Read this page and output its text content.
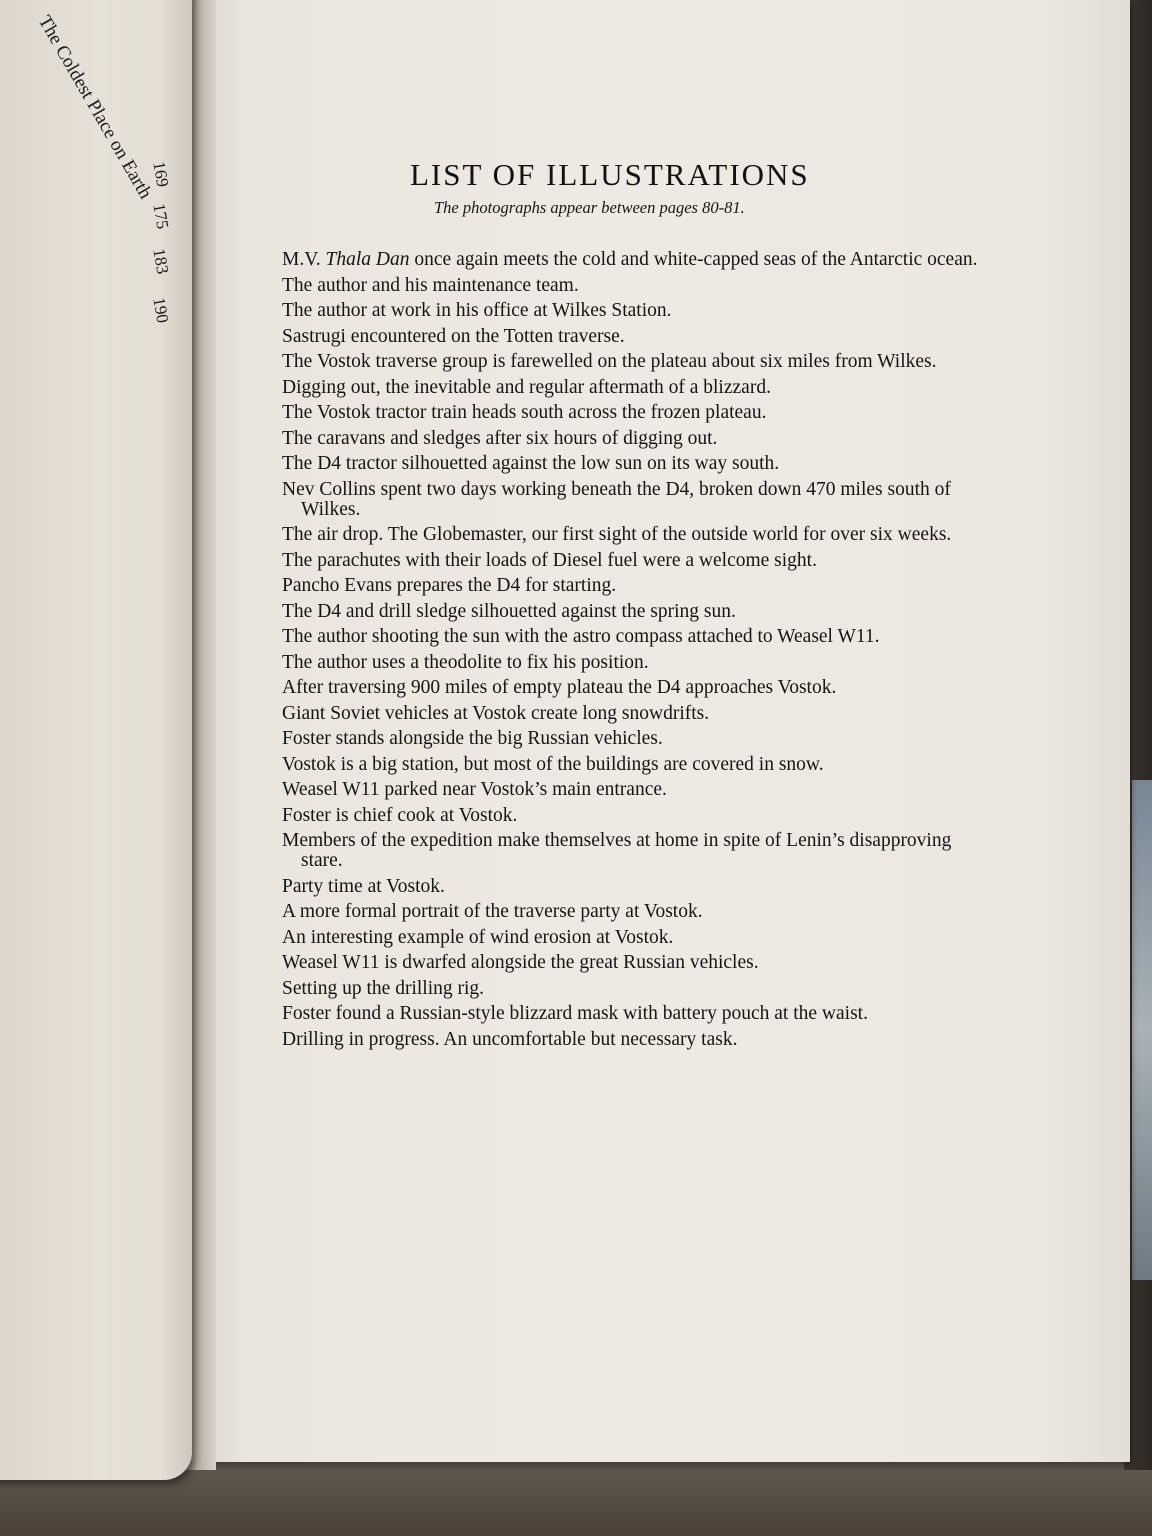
The Coldest Place on Earth
169
175
183
190
LIST OF ILLUSTRATIONS
The photographs appear between pages 80-81.
M.V. Thala Dan once again meets the cold and white-capped seas of the Antarctic ocean.
The author and his maintenance team.
The author at work in his office at Wilkes Station.
Sastrugi encountered on the Totten traverse.
The Vostok traverse group is farewelled on the plateau about six miles from Wilkes.
Digging out, the inevitable and regular aftermath of a blizzard.
The Vostok tractor train heads south across the frozen plateau.
The caravans and sledges after six hours of digging out.
The D4 tractor silhouetted against the low sun on its way south.
Nev Collins spent two days working beneath the D4, broken down 470 miles south of Wilkes.
The air drop. The Globemaster, our first sight of the outside world for over six weeks.
The parachutes with their loads of Diesel fuel were a welcome sight.
Pancho Evans prepares the D4 for starting.
The D4 and drill sledge silhouetted against the spring sun.
The author shooting the sun with the astro compass attached to Weasel W11.
The author uses a theodolite to fix his position.
After traversing 900 miles of empty plateau the D4 approaches Vostok.
Giant Soviet vehicles at Vostok create long snowdrifts.
Foster stands alongside the big Russian vehicles.
Vostok is a big station, but most of the buildings are covered in snow.
Weasel W11 parked near Vostok’s main entrance.
Foster is chief cook at Vostok.
Members of the expedition make themselves at home in spite of Lenin’s disapproving stare.
Party time at Vostok.
A more formal portrait of the traverse party at Vostok.
An interesting example of wind erosion at Vostok.
Weasel W11 is dwarfed alongside the great Russian vehicles.
Setting up the drilling rig.
Foster found a Russian-style blizzard mask with battery pouch at the waist.
Drilling in progress. An uncomfortable but necessary task.
